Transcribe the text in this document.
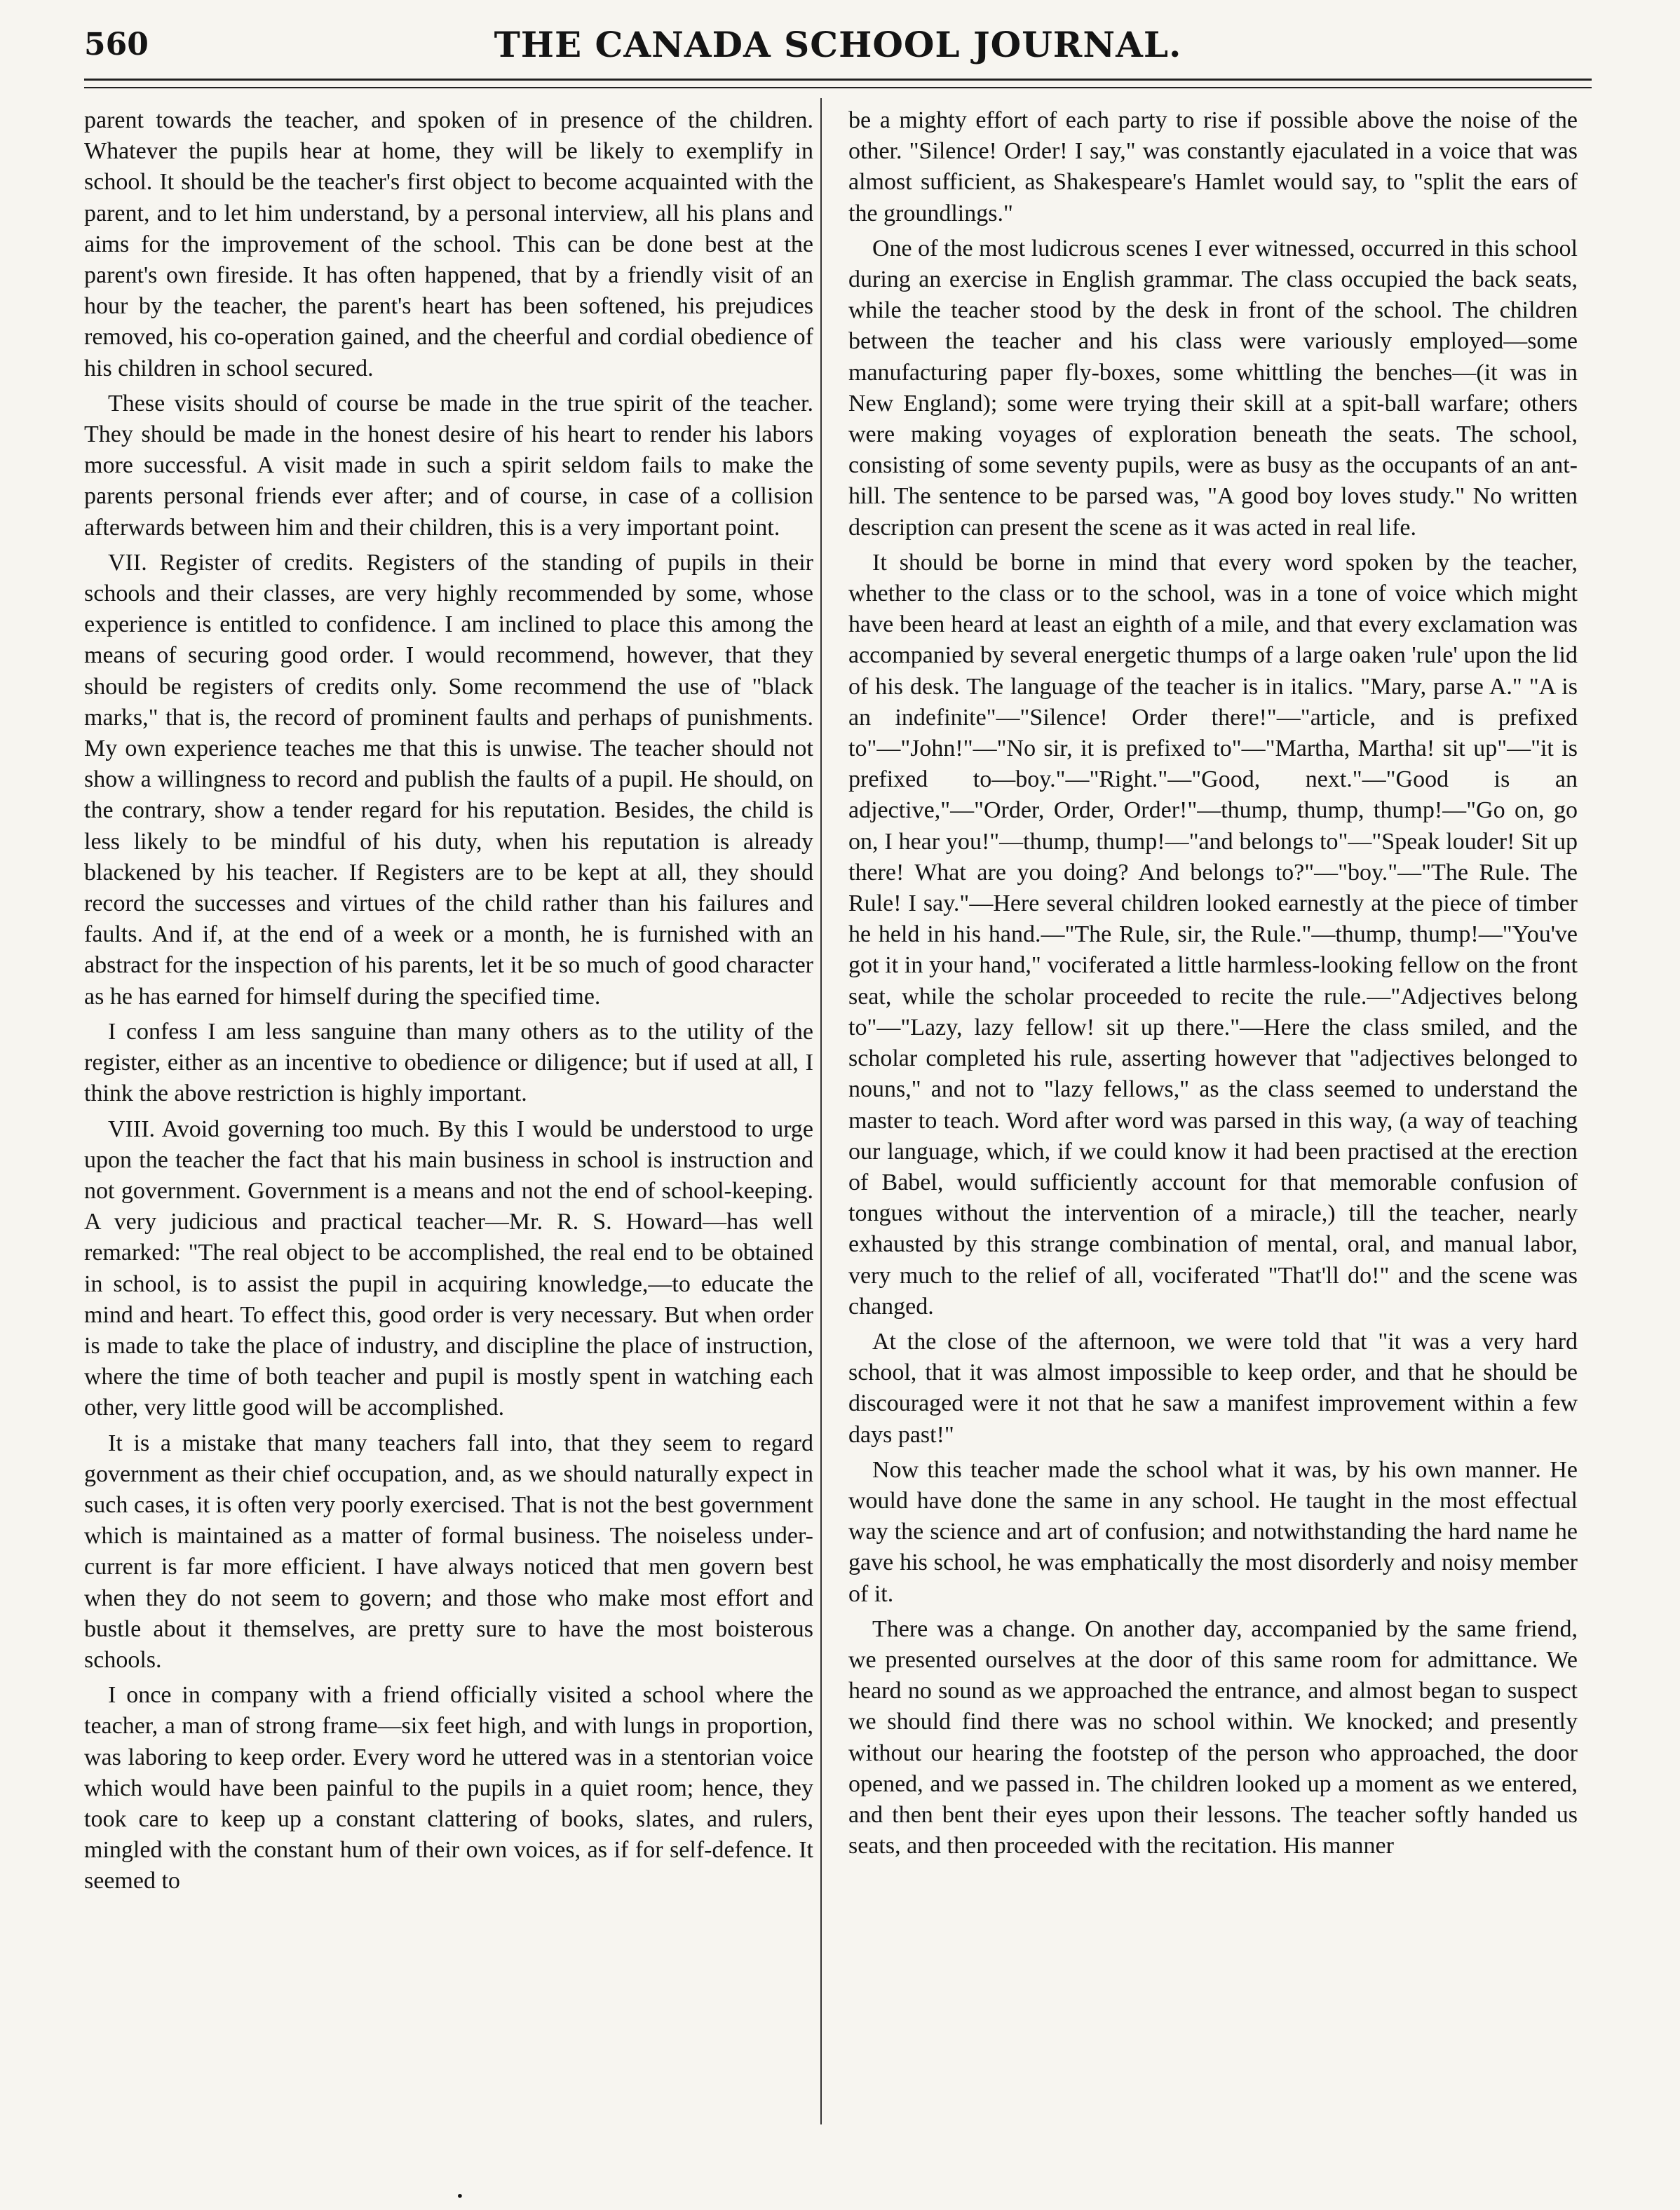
560	THE CANADA SCHOOL JOURNAL.

parent towards the teacher, and spoken of in presence of the children. Whatever the pupils hear at home, they will be likely to exemplify in school. It should be the teacher's first object to become acquainted with the parent, and to let him understand, by a personal interview, all his plans and aims for the improvement of the school. This can be done best at the parent's own fireside. It has often happened, that by a friendly visit of an hour by the teacher, the parent's heart has been softened, his prejudices removed, his co-operation gained, and the cheerful and cordial obedience of his children in school secured.

These visits should of course be made in the true spirit of the teacher. They should be made in the honest desire of his heart to render his labors more successful. A visit made in such a spirit seldom fails to make the parents personal friends ever after; and of course, in case of a collision afterwards between him and their children, this is a very important point.

VII. Register of credits. Registers of the standing of pupils in their schools and their classes, are very highly recommended by some, whose experience is entitled to confidence. I am inclined to place this among the means of securing good order. I would recommend, however, that they should be registers of credits only. Some recommend the use of "black marks," that is, the record of prominent faults and perhaps of punishments. My own experience teaches me that this is unwise. The teacher should not show a willingness to record and publish the faults of a pupil. He should, on the contrary, show a tender regard for his reputation. Besides, the child is less likely to be mindful of his duty, when his reputation is already blackened by his teacher. If Registers are to be kept at all, they should record the successes and virtues of the child rather than his failures and faults. And if, at the end of a week or a month, he is furnished with an abstract for the inspection of his parents, let it be so much of good character as he has earned for himself during the specified time.

I confess I am less sanguine than many others as to the utility of the register, either as an incentive to obedience or diligence; but if used at all, I think the above restriction is highly important.

VIII. Avoid governing too much. By this I would be understood to urge upon the teacher the fact that his main business in school is instruction and not government. Government is a means and not the end of school-keeping. A very judicious and practical teacher—Mr. R. S. Howard—has well remarked: "The real object to be accomplished, the real end to be obtained in school, is to assist the pupil in acquiring knowledge,—to educate the mind and heart. To effect this, good order is very necessary. But when order is made to take the place of industry, and discipline the place of instruction, where the time of both teacher and pupil is mostly spent in watching each other, very little good will be accomplished.

It is a mistake that many teachers fall into, that they seem to regard government as their chief occupation, and, as we should naturally expect in such cases, it is often very poorly exercised. That is not the best government which is maintained as a matter of formal business. The noiseless under-current is far more efficient. I have always noticed that men govern best when they do not seem to govern; and those who make most effort and bustle about it themselves, are pretty sure to have the most boisterous schools.

I once in company with a friend officially visited a school where the teacher, a man of strong frame—six feet high, and with lungs in proportion, was laboring to keep order. Every word he uttered was in a stentorian voice which would have been painful to the pupils in a quiet room; hence, they took care to keep up a constant clattering of books, slates, and rulers, mingled with the constant hum of their own voices, as if for self-defence. It seemed to

be a mighty effort of each party to rise if possible above the noise of the other. "Silence! Order! I say," was constantly ejaculated in a voice that was almost sufficient, as Shakespeare's Hamlet would say, to "split the ears of the groundlings."

One of the most ludicrous scenes I ever witnessed, occurred in this school during an exercise in English grammar. The class occupied the back seats, while the teacher stood by the desk in front of the school. The children between the teacher and his class were variously employed—some manufacturing paper fly-boxes, some whittling the benches—(it was in New England); some were trying their skill at a spit-ball warfare; others were making voyages of exploration beneath the seats. The school, consisting of some seventy pupils, were as busy as the occupants of an ant-hill. The sentence to be parsed was, "A good boy loves study." No written description can present the scene as it was acted in real life.

It should be borne in mind that every word spoken by the teacher, whether to the class or to the school, was in a tone of voice which might have been heard at least an eighth of a mile, and that every exclamation was accompanied by several energetic thumps of a large oaken 'rule' upon the lid of his desk. The language of the teacher is in italics. "Mary, parse A." "A is an indefinite"—"Silence! Order there!"—"article, and is prefixed to"—"John!"—"No sir, it is prefixed to"—"Martha, Martha! sit up"—"it is prefixed to—boy."—"Right."—"Good, next."—"Good is an adjective,"—"Order, Order, Order!"—thump, thump, thump!—"Go on, go on, I hear you!"—thump, thump!—"and belongs to"—"Speak louder! Sit up there! What are you doing? And belongs to?"—"boy."—"The Rule. The Rule! I say."—Here several children looked earnestly at the piece of timber he held in his hand.—"The Rule, sir, the Rule."—thump, thump!—"You've got it in your hand," vociferated a little harmless-looking fellow on the front seat, while the scholar proceeded to recite the rule.—"Adjectives belong to"—"Lazy, lazy fellow! sit up there."—Here the class smiled, and the scholar completed his rule, asserting however that "adjectives belonged to nouns," and not to "lazy fellows," as the class seemed to understand the master to teach. Word after word was parsed in this way, (a way of teaching our language, which, if we could know it had been practised at the erection of Babel, would sufficiently account for that memorable confusion of tongues without the intervention of a miracle,) till the teacher, nearly exhausted by this strange combination of mental, oral, and manual labor, very much to the relief of all, vociferated "That'll do!" and the scene was changed.

At the close of the afternoon, we were told that "it was a very hard school, that it was almost impossible to keep order, and that he should be discouraged were it not that he saw a manifest improvement within a few days past!"

Now this teacher made the school what it was, by his own manner. He would have done the same in any school. He taught in the most effectual way the science and art of confusion; and notwithstanding the hard name he gave his school, he was emphatically the most disorderly and noisy member of it.

There was a change. On another day, accompanied by the same friend, we presented ourselves at the door of this same room for admittance. We heard no sound as we approached the entrance, and almost began to suspect we should find there was no school within. We knocked; and presently without our hearing the footstep of the person who approached, the door opened, and we passed in. The children looked up a moment as we entered, and then bent their eyes upon their lessons. The teacher softly handed us seats, and then proceeded with the recitation. His manner

•
